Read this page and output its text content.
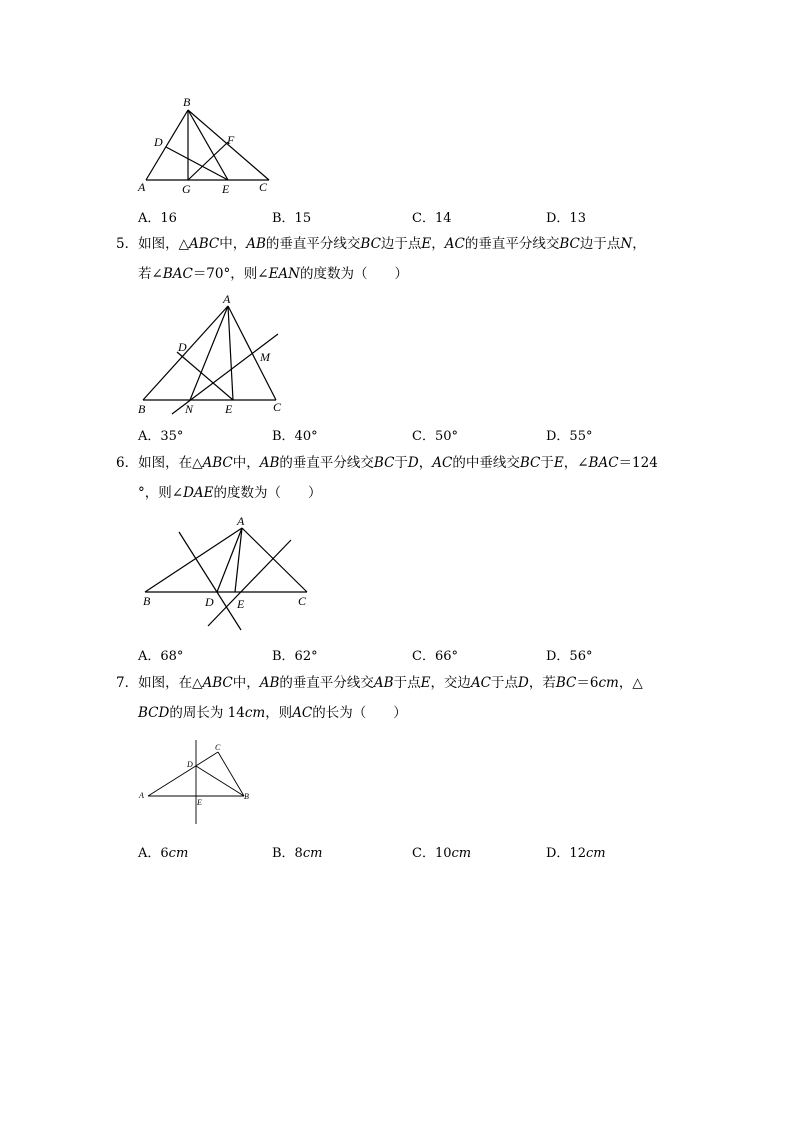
B
D	F
A	G	E C
A．16	B．15	C．14	D．13

5．如图，△ABC中，AB的垂直平分线交BC边于点E，AC的垂直平分线交BC边于点N，

若∠BAC＝70°，则∠EAN的度数为（　　）

A
D
M
B	N	E	C
A．35°	B．40°	C．50°	D．55°

6．如图，在△ABC中，AB的垂直平分线交BC于D，AC的中垂线交BC于E，∠BAC＝124

°，则∠DAE的度数为（　　）

A
B	D E	C
A．68°	B．62°	C．66°	D．56°

7．如图，在△ABC中，AB的垂直平分线交AB于点E，交边AC于点D，若BC＝6cm，△

BCD的周长为 14cm，则AC的长为（　　）

C
D
A
E
B
A．6cm	B．8cm	C．10cm	D．12cm
